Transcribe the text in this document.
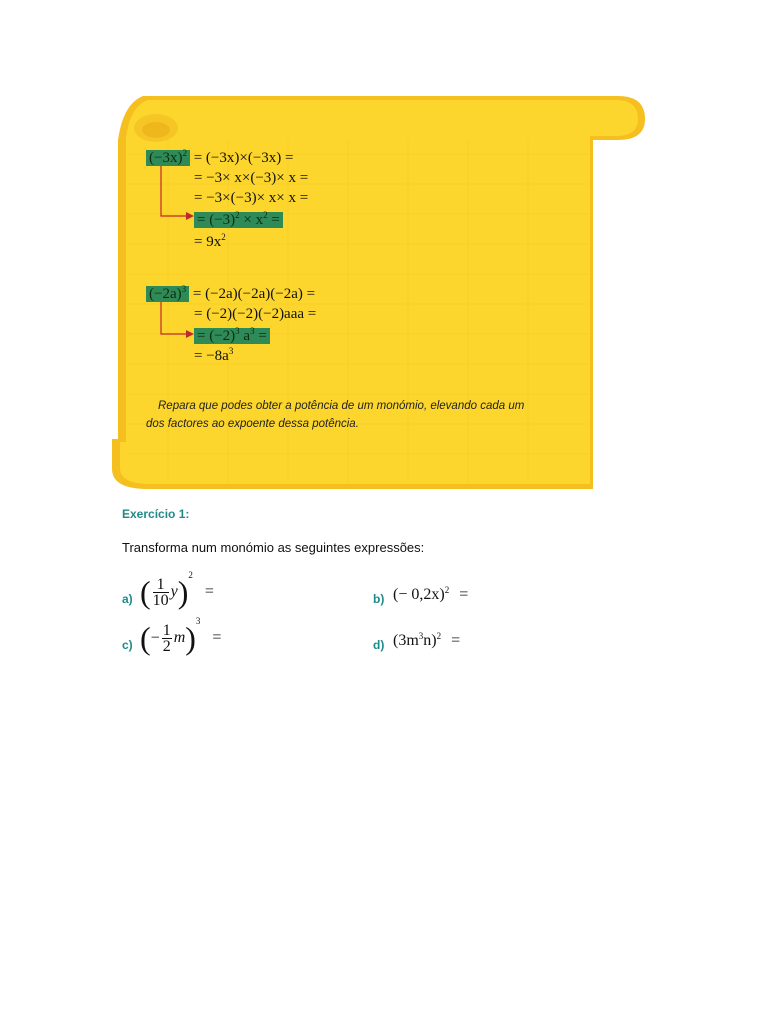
$(-3x)^2 = (-3x)\times(-3x)$ =
= −3× x×(−3)× x =
= −3×(−3)× x× x =
= $(-3)^2 \times x^2$ =
= $9x^2$
$(-2a)^3 = (-2a)(-2a)(-2a)$ =
= (−2)(−2)(−2)aaa =
= $(-2)^3$ $a^3$ =
= $-8a^3$
Repara que podes obter a potência de um monómio, elevando cada um
dos factores ao expoente dessa potência.
Exercício 1:
Transforma num monómio as seguintes expressões:
a) ( $\frac{1}{10} y)^2$ =	b) (− 0,2x)$^2$ =
c) (− $\frac{1}{2} m)^3$ =	d) $(3m^3n)^2$ =
